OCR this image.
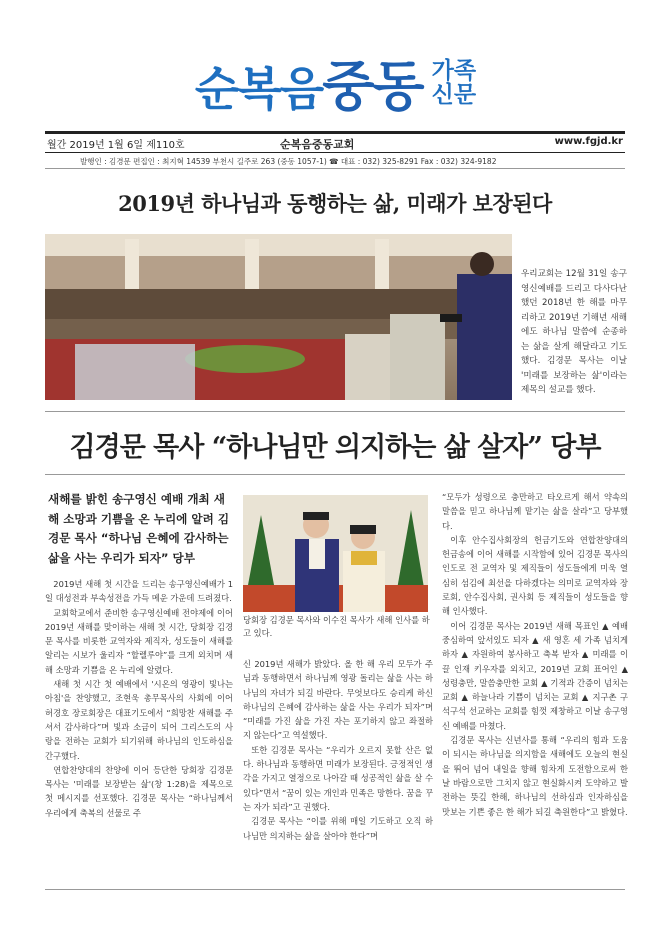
순복음중동 가족
신문
월간 2019년 1월 6일 제110호	순복음중동교회	www.fgjd.kr
발행인 : 김경문 편집인 : 최지혁 14539 부천시 길주로 263 (중동 1057-1) ☎ 대표 : 032) 325-8291 Fax : 032) 324-9182
2019년 하나님과 동행하는 삶, 미래가 보장된다
우리교회는 12월 31일 송구영신예배를 드리고 다사다난했던 2018년 한 해를 마무리하고 2019년 기해년 새해에도 하나님 말씀에 순종하는 삶을 살게 해달라고 기도했다. 김경문 목사는 이날 '미래를 보장하는 삶'이라는 제목의 설교를 했다.
김경문 목사 “하나님만 의지하는 삶 살자” 당부
새해를 밝힌 송구영신 예배 개최 새해 소망과 기쁨을 온 누리에 알려 김경문 목사 “하나님 은혜에 감사하는 삶을 사는 우리가 되자” 당부
당회장 김경문 목사와 이수진 목사가 새해 인사를 하고 있다.

2019년 새해 첫 시간을 드리는 송구영신예배가 1일 대성전과 부속성전을 가득 메운 가운데 드려졌다.

교회학교에서 준비한 송구영신예배 전야제에 이어 2019년 새해를 맞이하는 새해 첫 시간, 당회장 김경문 목사를 비롯한 교역자와 제직자, 성도들이 새해를 알리는 시보가 울리자 “할렐루야”를 크게 외치며 새해 소망과 기쁨을 온 누리에 알렸다.

새해 첫 시간 첫 예배에서 '시온의 영광이 빛나는 아침'을 찬양했고, 조현욱 총무목사의 사회에 이어 허경호 장로회장은 대표기도에서 “희망찬 새해를 주셔서 감사하다”며 빛과 소금이 되어 그리스도의 사랑을 전하는 교회가 되기위해 하나님의 인도하심을 간구했다.

연합찬양대의 찬양에 이어 등단한 당회장 김경문 목사는 '미래를 보장받는 삶'(창 1:28)을 제목으로 첫 메시지를 선포했다. 김경문 목사는 “하나님께서 우리에게 축복의 선물로 주

신 2019년 새해가 밝았다. 올 한 해 우리 모두가 주님과 동행하면서 하나님께 영광 돌리는 삶을 사는 하나님의 자녀가 되길 바란다. 무엇보다도 승리케 하신 하나님의 은혜에 감사하는 삶을 사는 우리가 되자”며 “미래를 가진 삶을 가진 자는 포기하지 않고 좌절하지 않는다”고 역설했다.

또한 김경문 목사는 “우리가 오르지 못할 산은 없다. 하나님과 동행하면 미래가 보장된다. 긍정적인 생각을 가지고 열정으로 나아갈 때 성공적인 삶을 살 수 있다”면서 “꿈이 있는 개인과 민족은 망한다. 꿈을 꾸는 자가 되라”고 권했다.

김경문 목사는 “이를 위해 매일 기도하고 오직 하나님만 의지하는 삶을 살아야 한다”며

“모두가 성령으로 충만하고 타오르게 해서 약속의 말씀을 믿고 하나님께 맡기는 삶을 살라”고 당부했다.

이후 안수집사회장의 헌금기도와 연합찬양대의 헌금송에 이어 새해를 시작함에 있어 김경문 목사의 인도로 전 교역자 및 제직들이 성도들에게 미욱 열심히 섬김에 최선을 다하겠다는 의미로 교역자와 장로회, 안수집사회, 권사회 등 제직들이 성도들을 향해 인사했다.

이어 김경문 목사는 2019년 새해 목표인 ▲ 예배 중심하여 앞서있도 되자 ▲ 새 영혼 세 가족 넘치게 하자 ▲ 자원하여 봉사하고 축복 받자 ▲ 미래를 이끌 인재 키우자를 외치고, 2019년 교회 표어인 ▲ 성령충만, 말씀충만한 교회 ▲ 기적과 간증이 넘치는 교회 ▲ 하늘나라 기쁨이 넘치는 교회 ▲ 지구촌 구석구석 선교하는 교회를 힘껏 제창하고 이날 송구영신 예배를 마쳤다.

김경문 목사는 신년사를 통해 “우리의 힘과 도움이 되시는 하나님을 의지함을 새해에도 오늘의 현실을 뛰어 넘어 내일을 향해 힘차게 도전함으로써 한날 바람으로만 그치지 않고 현실화시켜 도약하고 발전하는 뜻깊 한해, 하나님의 선하심과 인자하심을 맛보는 기쁜 좋은 한 해가 되길 축원한다”고 밝혔다.
